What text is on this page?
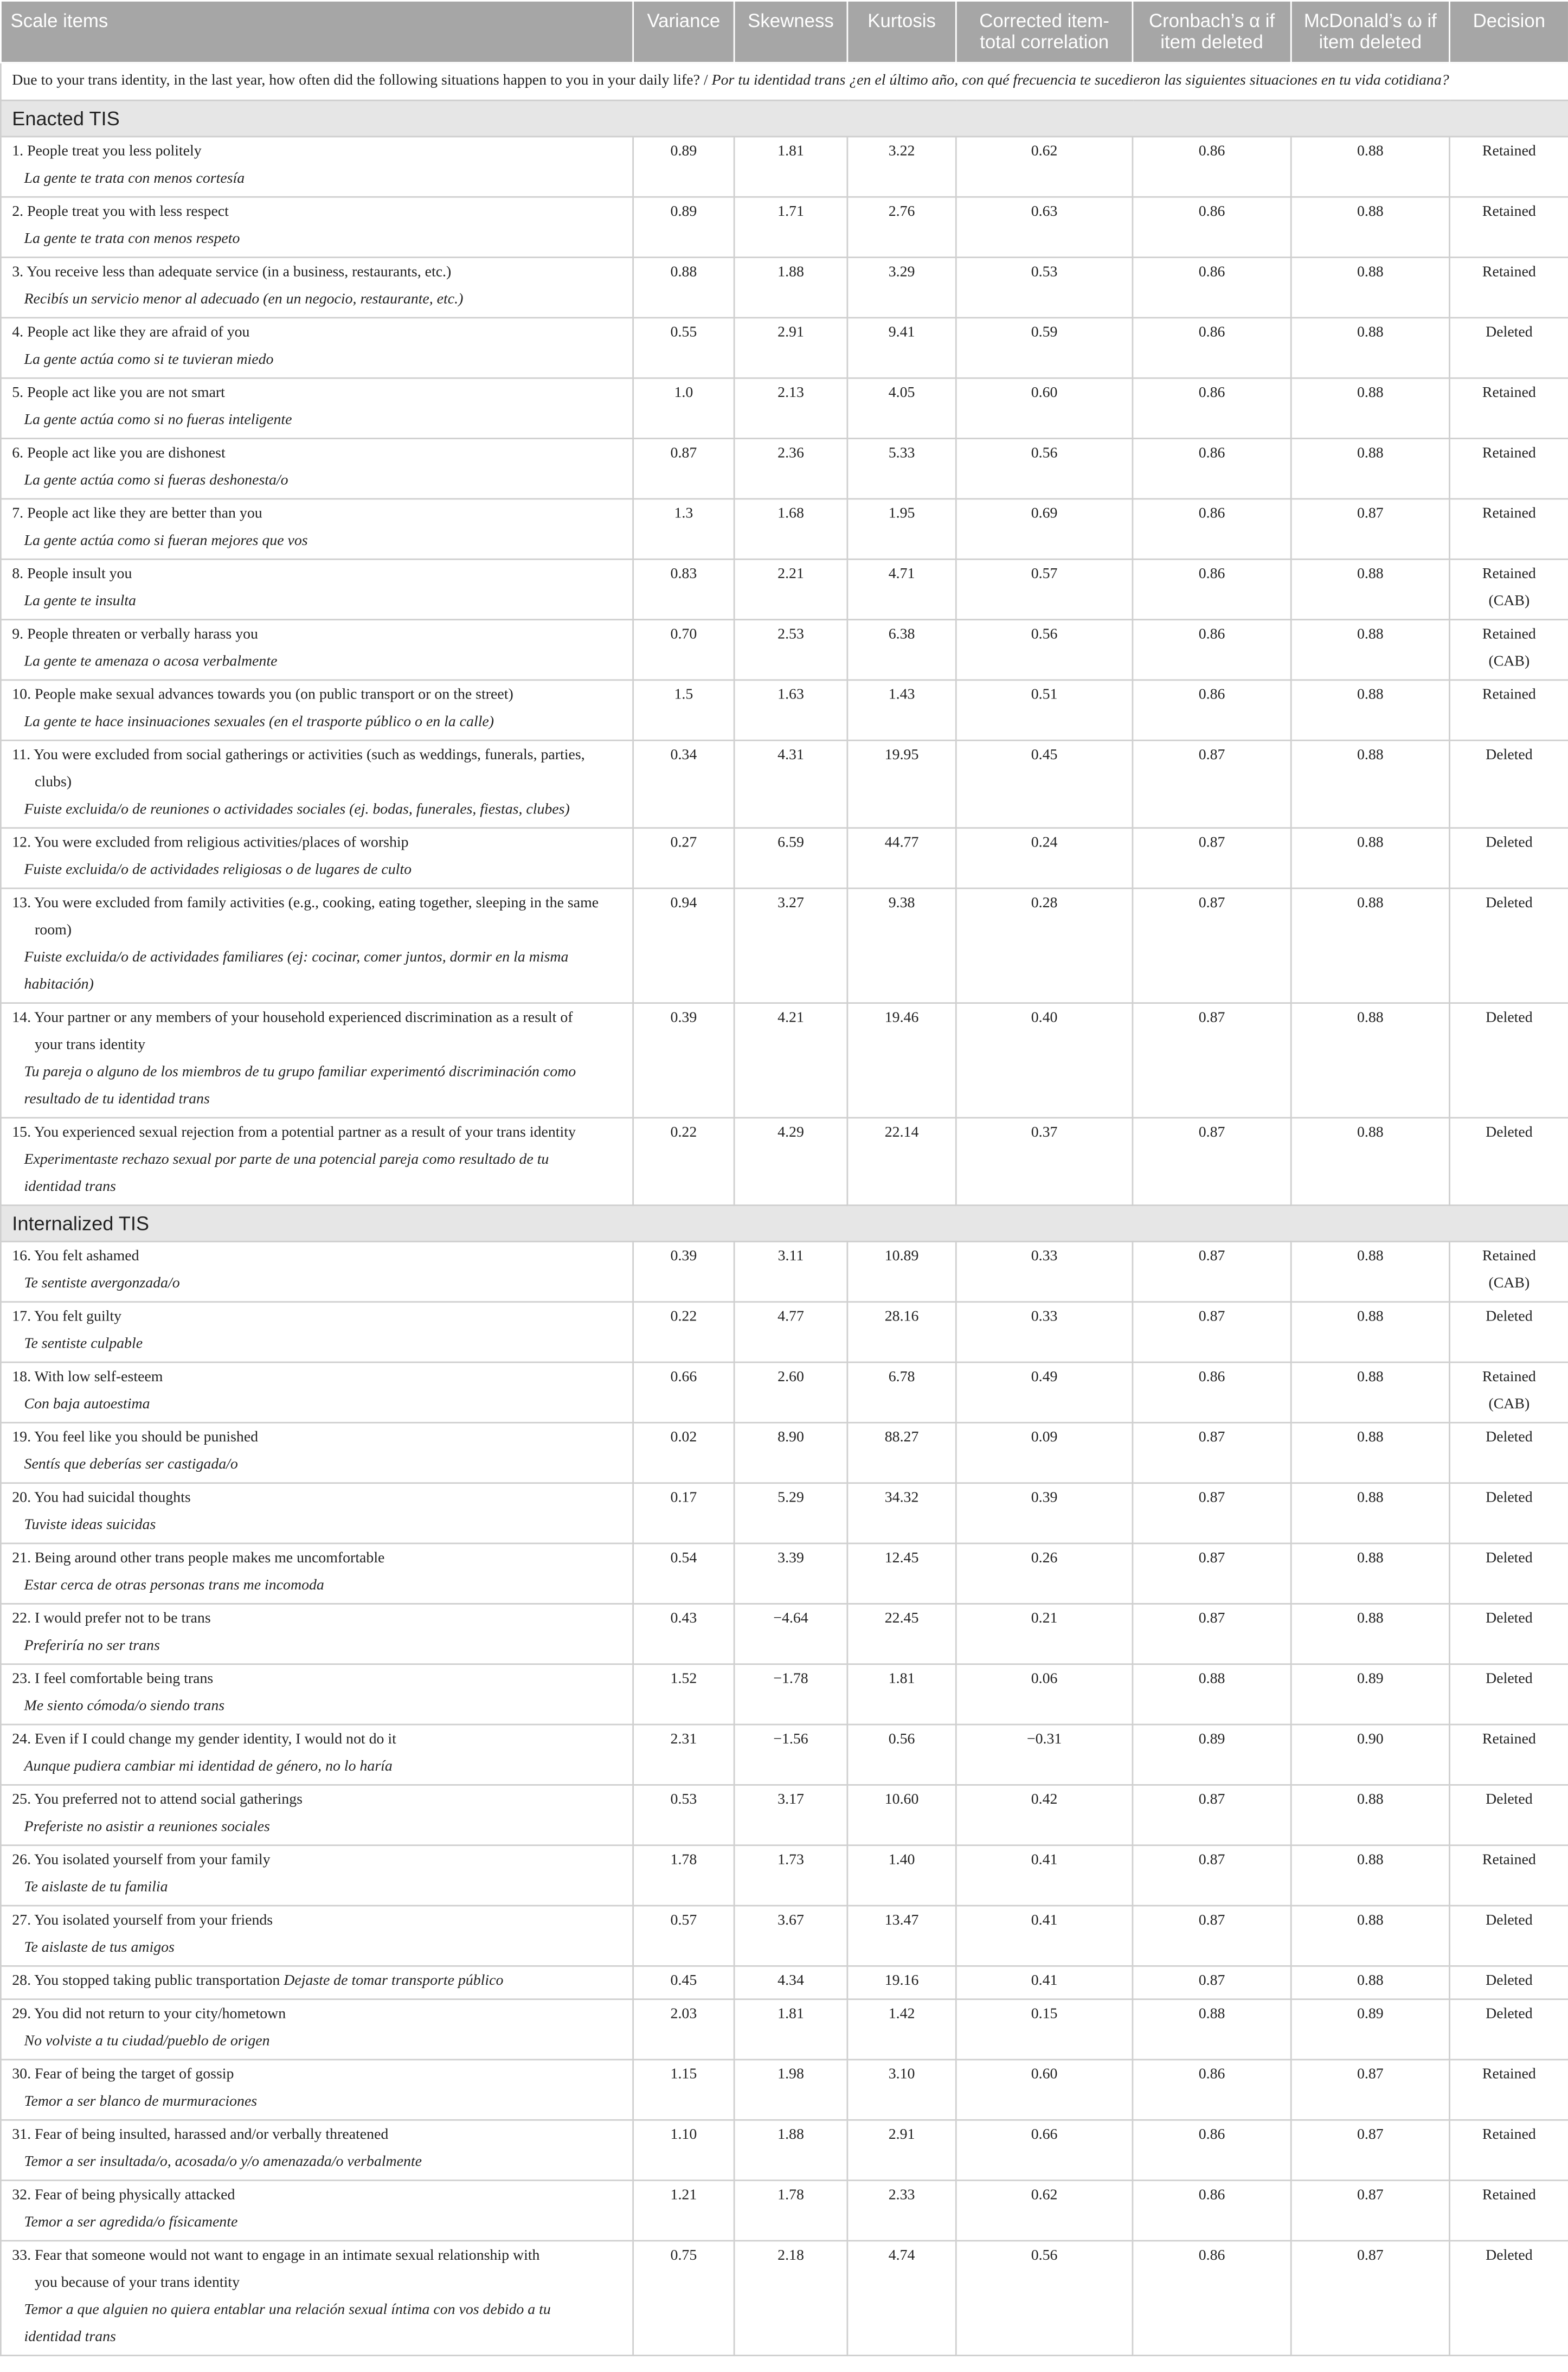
Scale items	Variance	Skewness	Kurtosis	Corrected item-total correlation	Cronbach’s α if item deleted	McDonald’s ω if item deleted	Decision
Due to your trans identity, in the last year, how often did the following situations happen to you in your daily life? / Por tu identidad trans ¿en el último año, con qué frecuencia te sucedieron las siguientes situaciones en tu vida cotidiana?							
Enacted TIS							
1. People treat you less politely
La gente te trata con menos cortesía	0.89	1.81	3.22	0.62	0.86	0.88	Retained
2. People treat you with less respect
La gente te trata con menos respeto	0.89	1.71	2.76	0.63	0.86	0.88	Retained
3. You receive less than adequate service (in a business, restaurants, etc.)
Recibís un servicio menor al adecuado (en un negocio, restaurante, etc.)	0.88	1.88	3.29	0.53	0.86	0.88	Retained
4. People act like they are afraid of you
La gente actúa como si te tuvieran miedo	0.55	2.91	9.41	0.59	0.86	0.88	Deleted
5. People act like you are not smart
La gente actúa como si no fueras inteligente	1.0	2.13	4.05	0.60	0.86	0.88	Retained
6. People act like you are dishonest
La gente actúa como si fueras deshonesta/o	0.87	2.36	5.33	0.56	0.86	0.88	Retained
7. People act like they are better than you
La gente actúa como si fueran mejores que vos	1.3	1.68	1.95	0.69	0.86	0.87	Retained
8. People insult you
La gente te insulta	0.83	2.21	4.71	0.57	0.86	0.88	Retained
(CAB)
9. People threaten or verbally harass you
La gente te amenaza o acosa verbalmente	0.70	2.53	6.38	0.56	0.86	0.88	Retained
(CAB)
10. People make sexual advances towards you (on public transport or on the street)
La gente te hace insinuaciones sexuales (en el trasporte público o en la calle)	1.5	1.63	1.43	0.51	0.86	0.88	Retained
11. You were excluded from social gatherings or activities (such as weddings, funerals, parties,
clubs)
Fuiste excluida/o de reuniones o actividades sociales (ej. bodas, funerales, fiestas, clubes)	0.34	4.31	19.95	0.45	0.87	0.88	Deleted
12. You were excluded from religious activities/places of worship
Fuiste excluida/o de actividades religiosas o de lugares de culto	0.27	6.59	44.77	0.24	0.87	0.88	Deleted
13. You were excluded from family activities (e.g., cooking, eating together, sleeping in the same
room)
Fuiste excluida/o de actividades familiares (ej: cocinar, comer juntos, dormir en la misma
habitación)	0.94	3.27	9.38	0.28	0.87	0.88	Deleted
14. Your partner or any members of your household experienced discrimination as a result of
your trans identity
Tu pareja o alguno de los miembros de tu grupo familiar experimentó discriminación como
resultado de tu identidad trans	0.39	4.21	19.46	0.40	0.87	0.88	Deleted
15. You experienced sexual rejection from a potential partner as a result of your trans identity
Experimentaste rechazo sexual por parte de una potencial pareja como resultado de tu
identidad trans	0.22	4.29	22.14	0.37	0.87	0.88	Deleted
Internalized TIS							
16. You felt ashamed
Te sentiste avergonzada/o	0.39	3.11	10.89	0.33	0.87	0.88	Retained
(CAB)
17. You felt guilty
Te sentiste culpable	0.22	4.77	28.16	0.33	0.87	0.88	Deleted
18. With low self-esteem
Con baja autoestima	0.66	2.60	6.78	0.49	0.86	0.88	Retained
(CAB)
19. You feel like you should be punished
Sentís que deberías ser castigada/o	0.02	8.90	88.27	0.09	0.87	0.88	Deleted
20. You had suicidal thoughts
Tuviste ideas suicidas	0.17	5.29	34.32	0.39	0.87	0.88	Deleted
21. Being around other trans people makes me uncomfortable
Estar cerca de otras personas trans me incomoda	0.54	3.39	12.45	0.26	0.87	0.88	Deleted
22. I would prefer not to be trans
Preferiría no ser trans	0.43	−4.64	22.45	0.21	0.87	0.88	Deleted
23. I feel comfortable being trans
Me siento cómoda/o siendo trans	1.52	−1.78	1.81	0.06	0.88	0.89	Deleted
24. Even if I could change my gender identity, I would not do it
Aunque pudiera cambiar mi identidad de género, no lo haría	2.31	−1.56	0.56	−0.31	0.89	0.90	Retained
25. You preferred not to attend social gatherings
Preferiste no asistir a reuniones sociales	0.53	3.17	10.60	0.42	0.87	0.88	Deleted
26. You isolated yourself from your family
Te aislaste de tu familia	1.78	1.73	1.40	0.41	0.87	0.88	Retained
27. You isolated yourself from your friends
Te aislaste de tus amigos	0.57	3.67	13.47	0.41	0.87	0.88	Deleted
28. You stopped taking public transportation Dejaste de tomar transporte público	0.45	4.34	19.16	0.41	0.87	0.88	Deleted
29. You did not return to your city/hometown
No volviste a tu ciudad/pueblo de origen	2.03	1.81	1.42	0.15	0.88	0.89	Deleted
30. Fear of being the target of gossip
Temor a ser blanco de murmuraciones	1.15	1.98	3.10	0.60	0.86	0.87	Retained
31. Fear of being insulted, harassed and/or verbally threatened
Temor a ser insultada/o, acosada/o y/o amenazada/o verbalmente	1.10	1.88	2.91	0.66	0.86	0.87	Retained
32. Fear of being physically attacked
Temor a ser agredida/o físicamente	1.21	1.78	2.33	0.62	0.86	0.87	Retained
33. Fear that someone would not want to engage in an intimate sexual relationship with
you because of your trans identity
Temor a que alguien no quiera entablar una relación sexual íntima con vos debido a tu
identidad trans	0.75	2.18	4.74	0.56	0.86	0.87	Deleted
